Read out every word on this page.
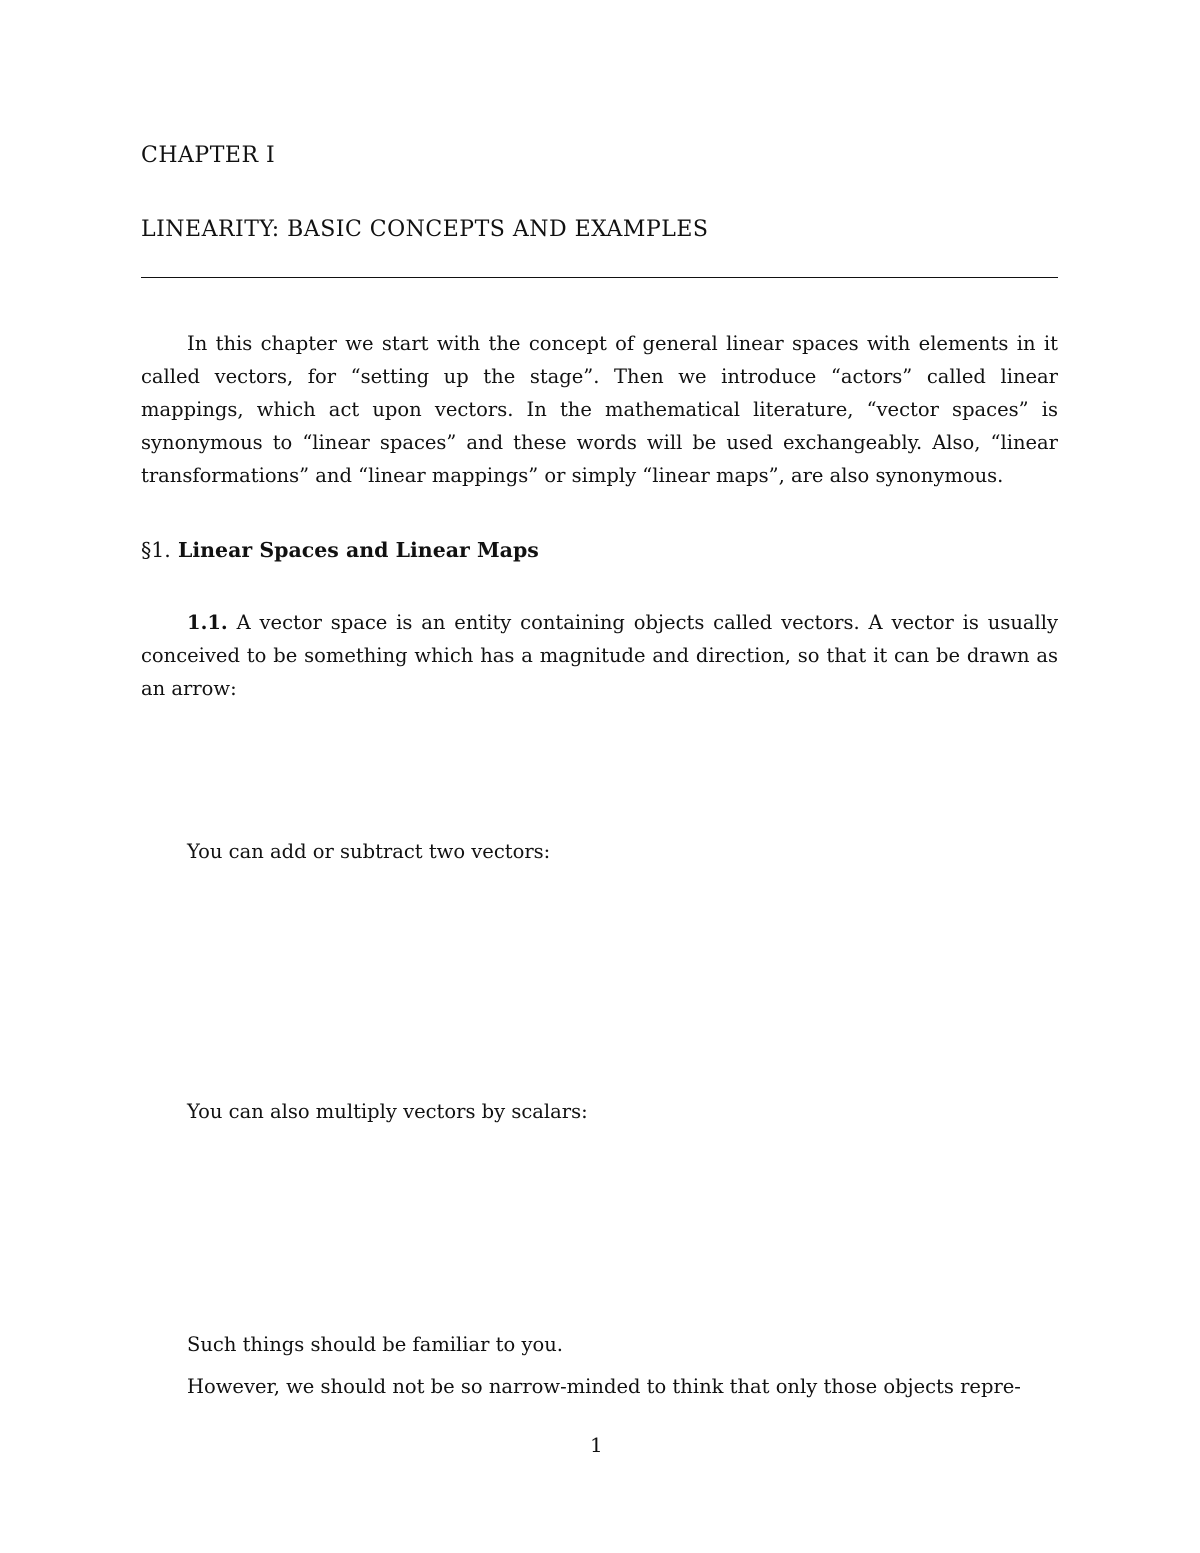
CHAPTER I
LINEARITY: BASIC CONCEPTS AND EXAMPLES

In this chapter we start with the concept of general linear spaces with elements in it called vectors, for “setting up the stage”. Then we introduce “actors” called linear mappings, which act upon vectors. In the mathematical literature, “vector spaces” is synonymous to “linear spaces” and these words will be used exchangeably. Also, “linear transformations” and “linear mappings” or simply “linear maps”, are also synonymous.

§1. Linear Spaces and Linear Maps

1.1. A vector space is an entity containing objects called vectors. A vector is usually conceived to be something which has a magnitude and direction, so that it can be drawn as an arrow:

You can add or subtract two vectors:

You can also multiply vectors by scalars:

Such things should be familiar to you.

However, we should not be so narrow-minded to think that only those objects repre-

1
